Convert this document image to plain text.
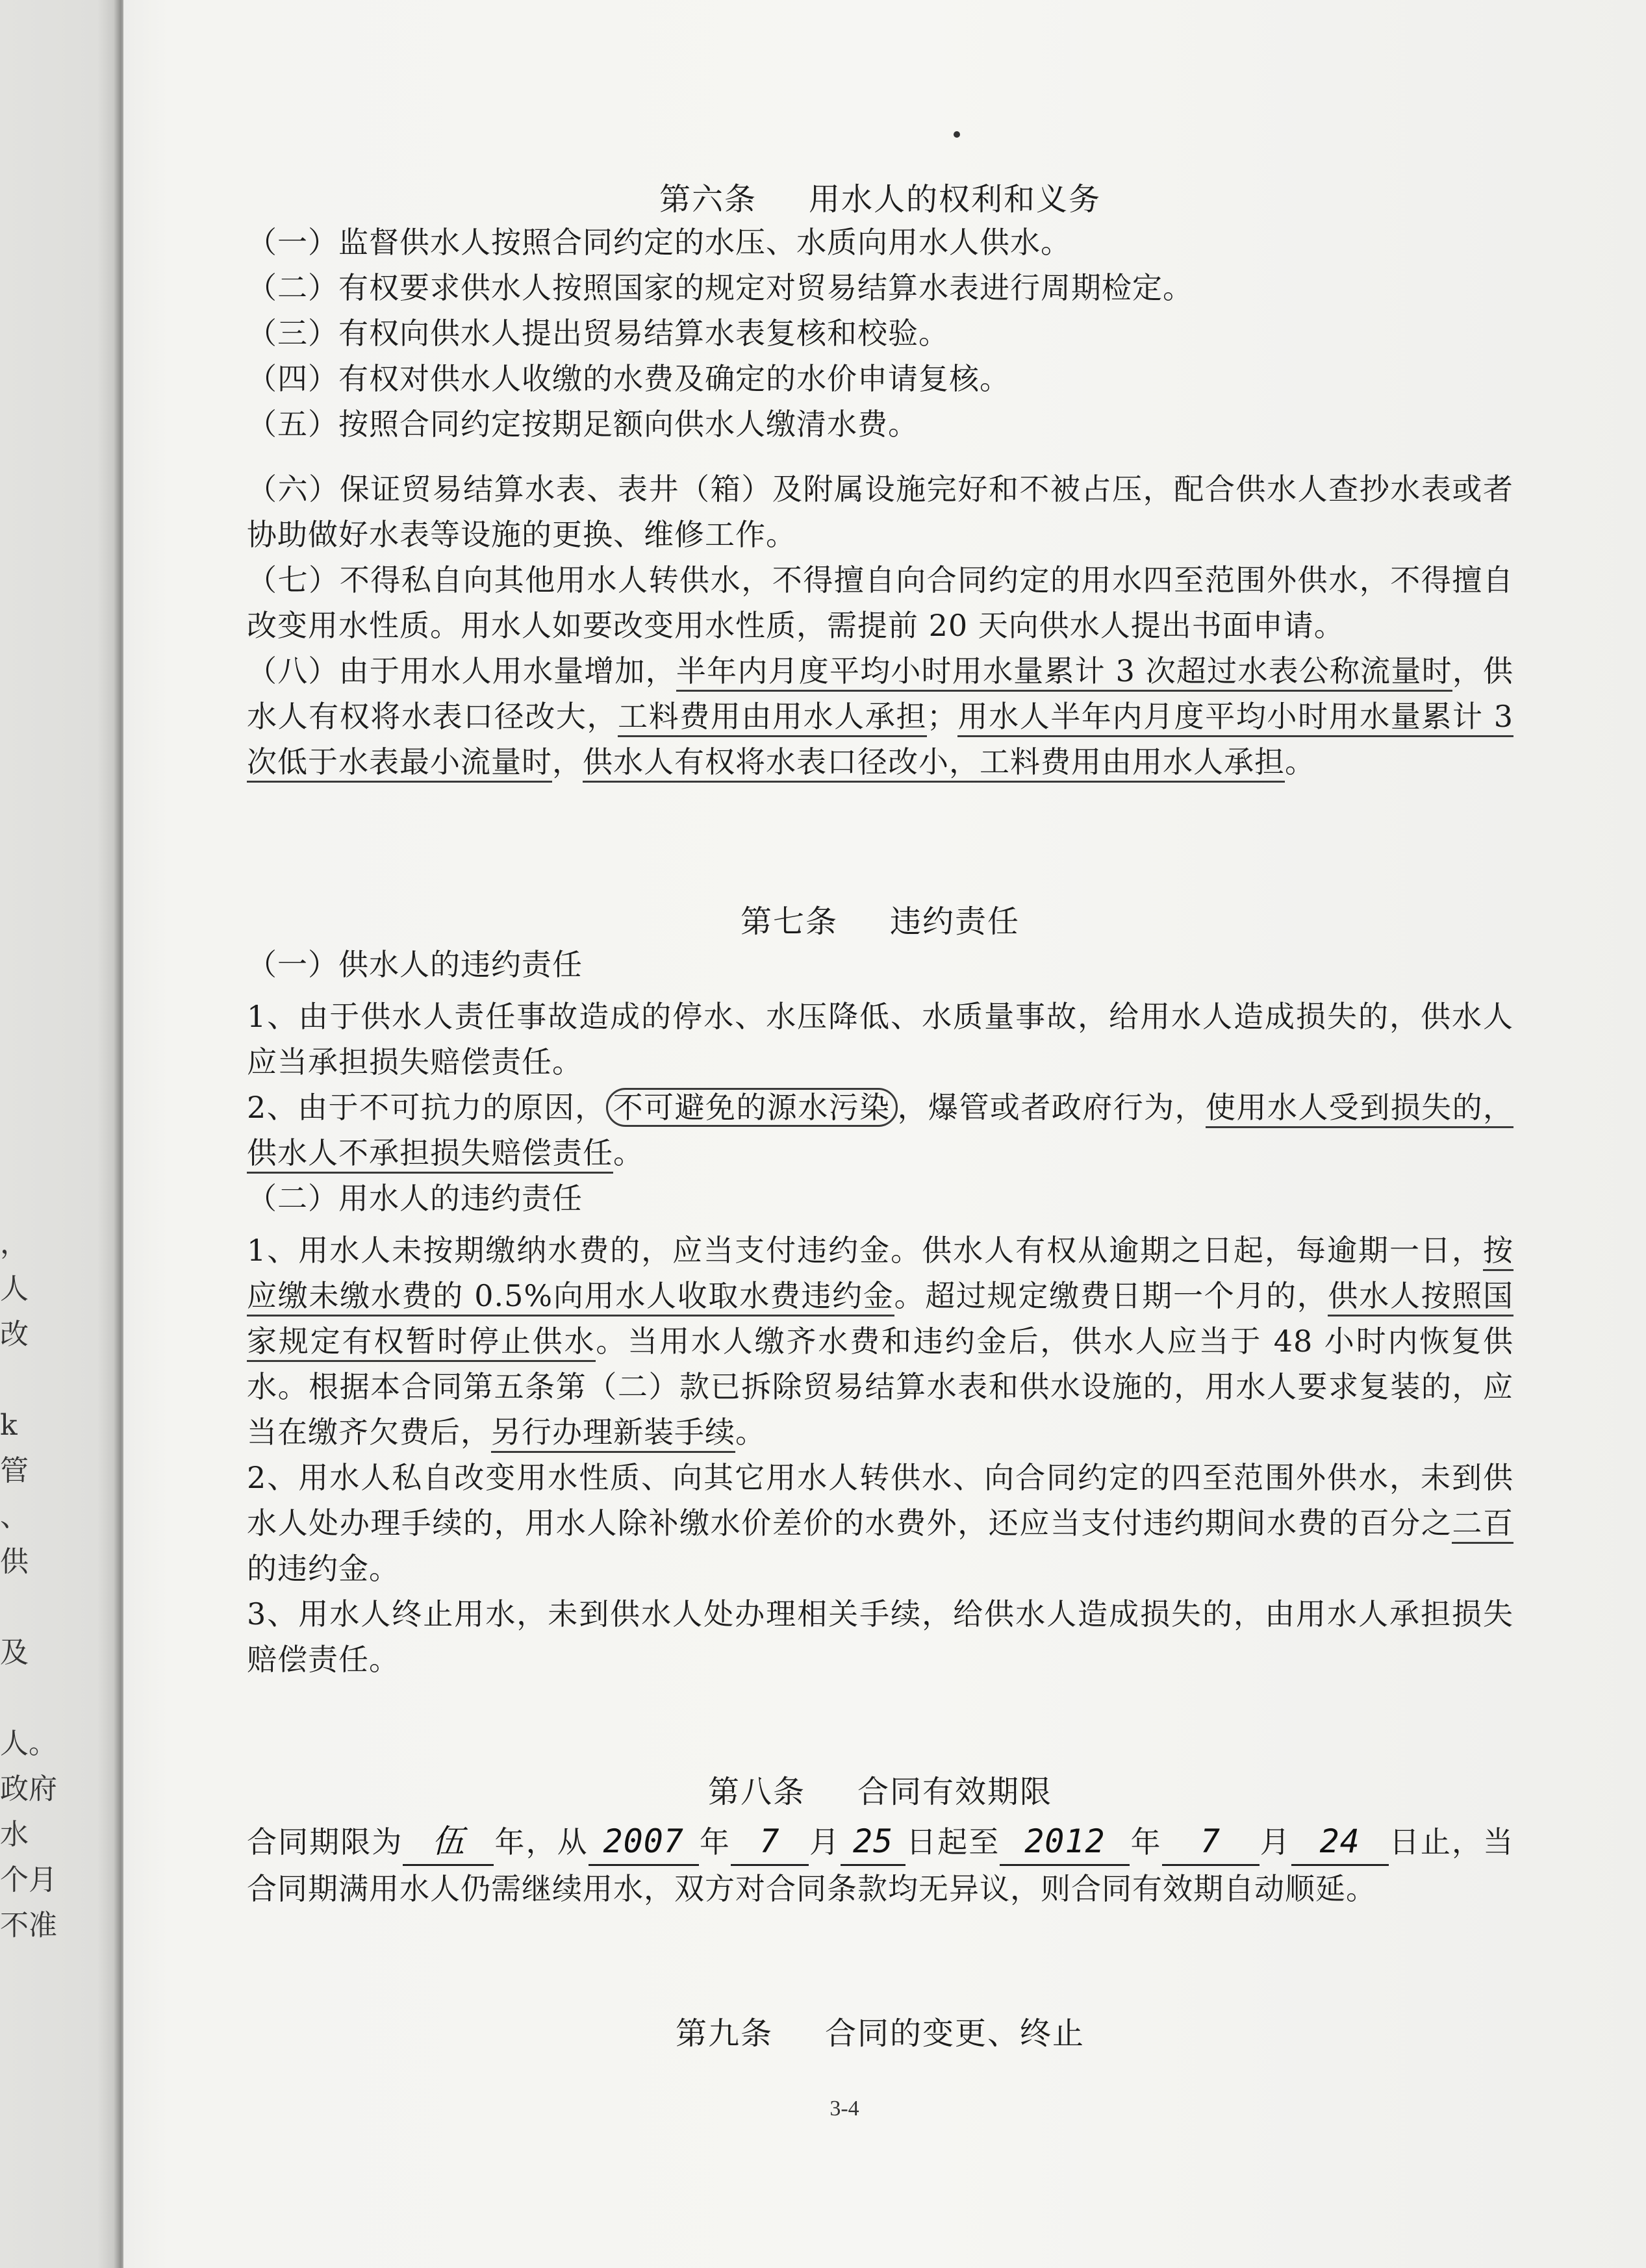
，
人
改
k
管
、
供
及
人。
政府
水
个月
不准
第六条 用水人的权利和义务
（一）监督供水人按照合同约定的水压、水质向用水人供水。
（二）有权要求供水人按照国家的规定对贸易结算水表进行周期检定。
（三）有权向供水人提出贸易结算水表复核和校验。
（四）有权对供水人收缴的水费及确定的水价申请复核。
（五）按照合同约定按期足额向供水人缴清水费。
（六）保证贸易结算水表、表井（箱）及附属设施完好和不被占压，配合供水人查抄水表或者协助做好水表等设施的更换、维修工作。
（七）不得私自向其他用水人转供水，不得擅自向合同约定的用水四至范围外供水，不得擅自改变用水性质。用水人如要改变用水性质，需提前 20 天向供水人提出书面申请。
（八）由于用水人用水量增加，半年内月度平均小时用水量累计 3 次超过水表公称流量时，供水人有权将水表口径改大，工料费用由用水人承担；用水人半年内月度平均小时用水量累计 3 次低于水表最小流量时，供水人有权将水表口径改小，工料费用由用水人承担。
第七条 违约责任
（一）供水人的违约责任
1、由于供水人责任事故造成的停水、水压降低、水质量事故，给用水人造成损失的，供水人应当承担损失赔偿责任。
2、由于不可抗力的原因， 不可避免的源水污染 ，爆管或者政府行为，使用水人受到损失的，供水人不承担损失赔偿责任。
（二）用水人的违约责任
1、用水人未按期缴纳水费的，应当支付违约金。供水人有权从逾期之日起，每逾期一日，按应缴未缴水费的 0.5%向用水人收取水费违约金。超过规定缴费日期一个月的，供水人按照国家规定有权暂时停止供水。当用水人缴齐水费和违约金后，供水人应当于 48 小时内恢复供水。根据本合同第五条第（二）款已拆除贸易结算水表和供水设施的，用水人要求复装的，应当在缴齐欠费后，另行办理新装手续。
2、用水人私自改变用水性质、向其它用水人转供水、向合同约定的四至范围外供水，未到供水人处办理手续的，用水人除补缴水价差价的水费外，还应当支付违约期间水费的百分之二百的违约金。
3、用水人终止用水，未到供水人处办理相关手续，给供水人造成损失的，由用水人承担损失赔偿责任。
第八条 合同有效期限
合同期限为 伍 年，从 2007 年 7 月 25 日起至 2012 年 7 月 24 日止，当合同期满用水人仍需继续用水，双方对合同条款均无异议，则合同有效期自动顺延。
第九条 合同的变更、终止
3-4
